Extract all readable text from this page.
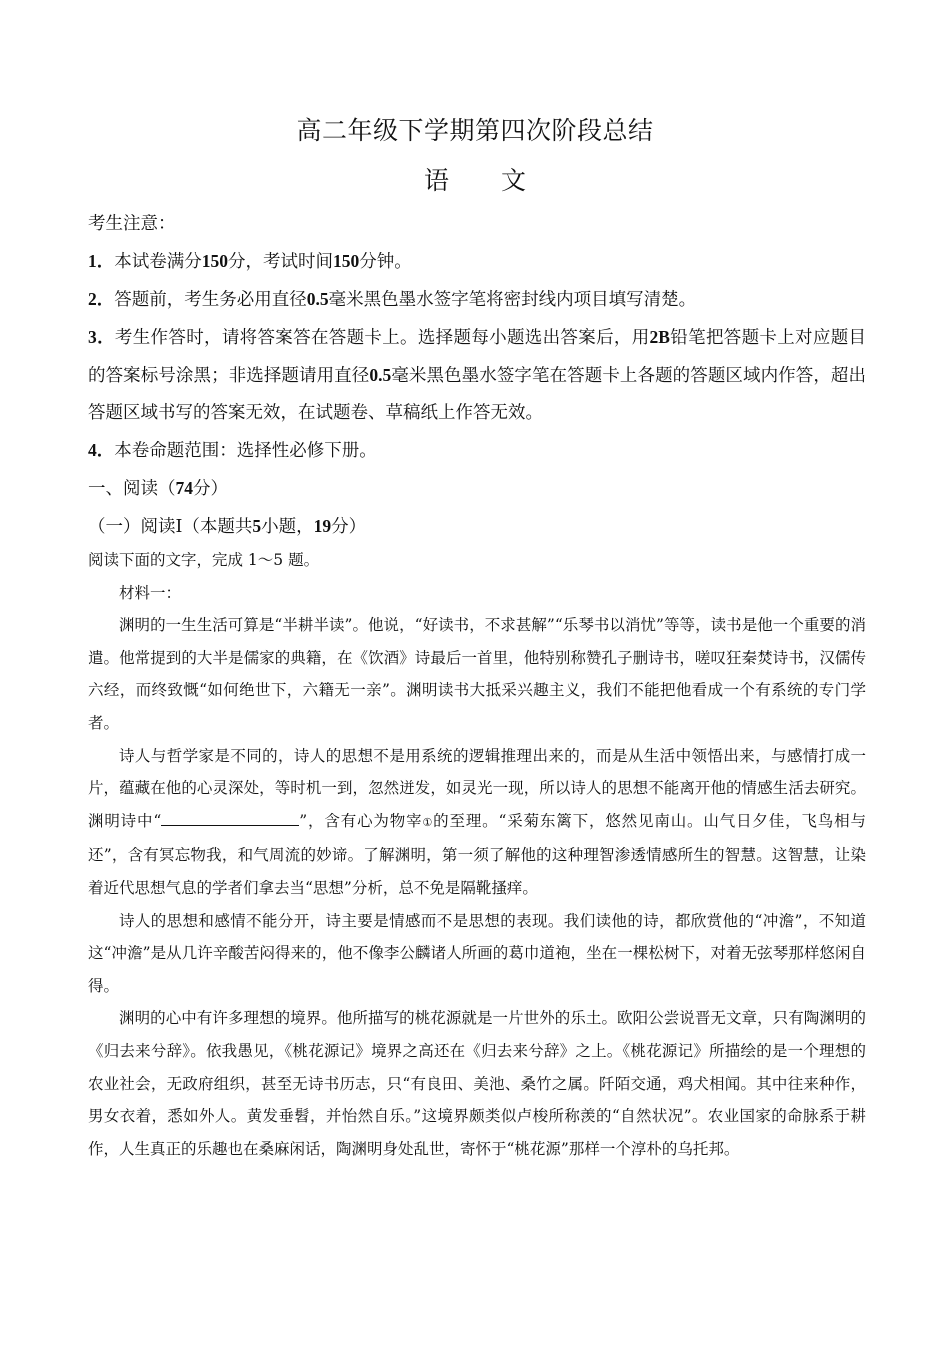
高二年级下学期第四次阶段总结
语 文

考生注意：

1．本试卷满分150分，考试时间150分钟。

2．答题前，考生务必用直径0.5毫米黑色墨水签字笔将密封线内项目填写清楚。

3．考生作答时，请将答案答在答题卡上。选择题每小题选出答案后，用2B铅笔把答题卡上对应题目的答案标号涂黑；非选择题请用直径0.5毫米黑色墨水签字笔在答题卡上各题的答题区域内作答，超出答题区域书写的答案无效，在试题卷、草稿纸上作答无效。

4．本卷命题范围：选择性必修下册。

一、阅读（74分）

（一）阅读Ⅰ（本题共5小题，19分）

阅读下面的文字，完成 1～5 题。

材料一：

渊明的一生生活可算是“半耕半读”。他说，“好读书，不求甚解”“乐琴书以消忧”等等，读书是他一个重要的消遣。他常提到的大半是儒家的典籍，在《饮酒》诗最后一首里，他特别称赞孔子删诗书，嗟叹狂秦焚诗书，汉儒传六经，而终致慨“如何绝世下，六籍无一亲”。渊明读书大抵采兴趣主义，我们不能把他看成一个有系统的专门学者。

诗人与哲学家是不同的，诗人的思想不是用系统的逻辑推理出来的，而是从生活中领悟出来，与感情打成一片，蕴藏在他的心灵深处，等时机一到，忽然迸发，如灵光一现，所以诗人的思想不能离开他的情感生活去研究。渊明诗中“	”，含有心为物宰①的至理。“采菊东篱下，悠然见南山。山气日夕佳，飞鸟相与还”，含有冥忘物我，和气周流的妙谛。了解渊明，第一须了解他的这种理智渗透情感所生的智慧。这智慧，让染着近代思想气息的学者们拿去当“思想”分析，总不免是隔靴搔痒。

诗人的思想和感情不能分开，诗主要是情感而不是思想的表现。我们读他的诗，都欣赏他的“冲澹”，不知道这“冲澹”是从几许辛酸苦闷得来的，他不像李公麟诸人所画的葛巾道袍，坐在一棵松树下，对着无弦琴那样悠闲自得。

渊明的心中有许多理想的境界。他所描写的桃花源就是一片世外的乐土。欧阳公尝说晋无文章，只有陶渊明的《归去来兮辞》。依我愚见，《桃花源记》境界之高还在《归去来兮辞》之上。《桃花源记》所描绘的是一个理想的农业社会，无政府组织，甚至无诗书历志，只“有良田、美池、桑竹之属。阡陌交通，鸡犬相闻。其中往来种作，男女衣着，悉如外人。黄发垂髫，并怡然自乐。”这境界颇类似卢梭所称羡的“自然状况”。农业国家的命脉系于耕作，人生真正的乐趣也在桑麻闲话，陶渊明身处乱世，寄怀于“桃花源”那样一个淳朴的乌托邦。
